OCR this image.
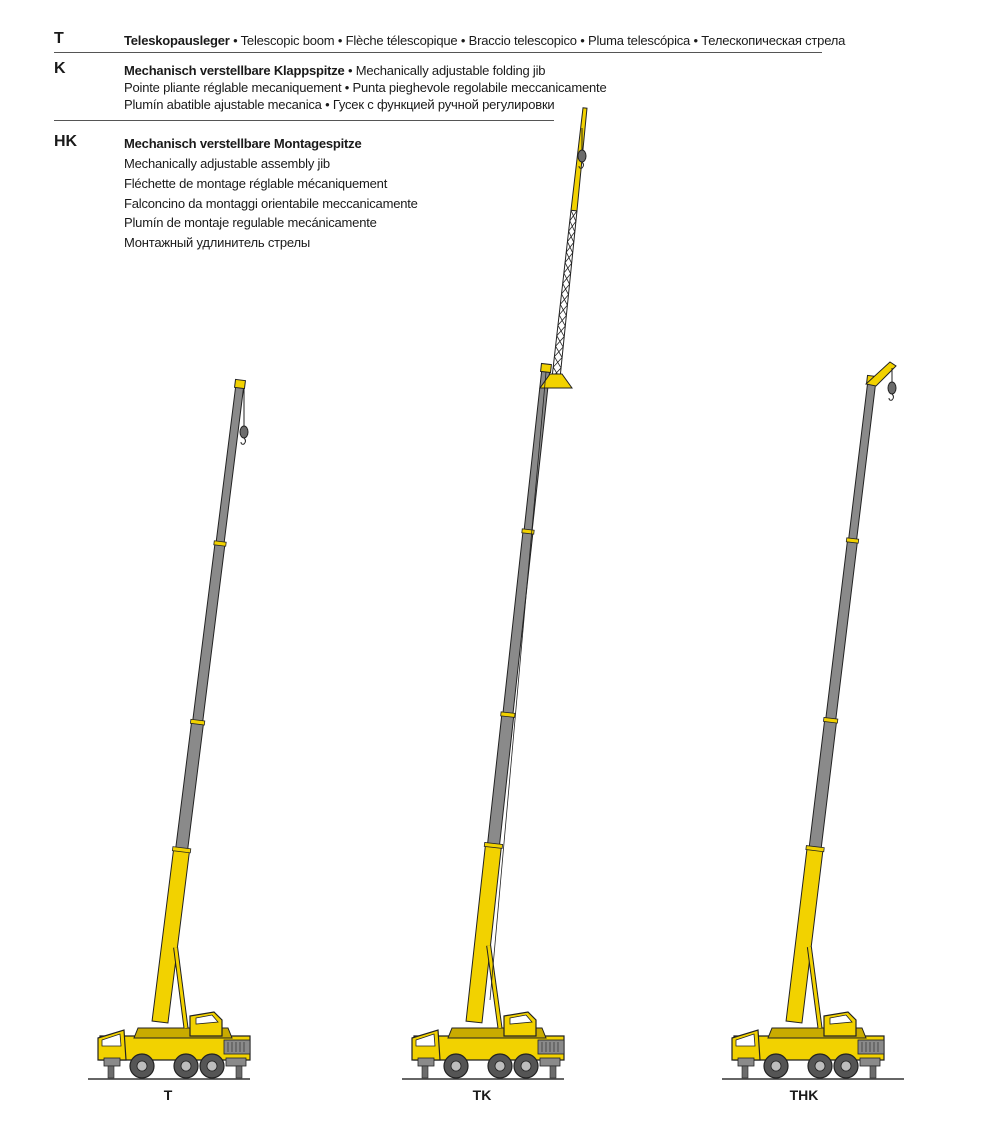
T	Teleskopausleger • Telescopic boom • Flèche télescopique • Braccio telescopico • Pluma telescópica • Телескопическая стрела
K	Mechanisch verstellbare Klappspitze • Mechanically adjustable folding jib
Pointe pliante réglable mecaniquement • Punta pieghevole regolabile meccanicamente
Plumín abatible ajustable mecanica • Гусек с функцией ручной регулировки
HK	Mechanisch verstellbare Montagespitze
Mechanically adjustable assembly jib
Fléchette de montage réglable mécaniquement
Falconcino da montaggi orientabile meccanicamente
Plumín de montaje regulable mecánicamente
Монтажный удлинитель стрелы
T	TK	THK
